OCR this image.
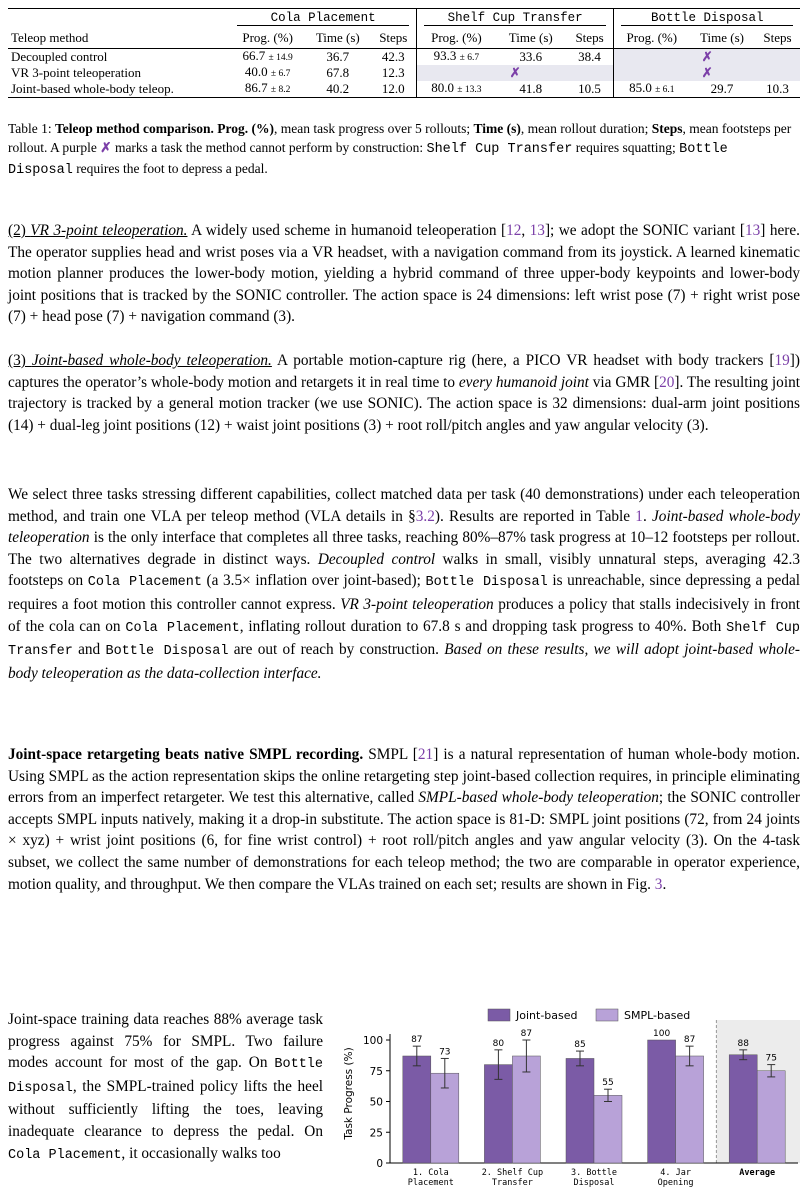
	Cola Placement			Shelf Cup Transfer			Bottle Disposal		

Teleop method	Prog. (%)	Time (s)	Steps	Prog. (%)	Time (s)	Steps	Prog. (%)	Time (s)	Steps
Decoupled control	66.7 ± 14.9	36.7	42.3	93.3 ± 6.7	33.6	38.4	✗		
VR 3-point teleoperation	40.0 ± 6.7	67.8	12.3	✗			✗		
Joint-based whole-body teleop.	86.7 ± 8.2	40.2	12.0	80.0 ± 13.3	41.8	10.5	85.0 ± 6.1	29.7	10.3
Table 1: Teleop method comparison. Prog. (%), mean task progress over 5 rollouts; Time (s), mean rollout duration; Steps, mean footsteps per rollout. A purple ✗ marks a task the method cannot perform by construction: Shelf Cup Transfer requires squatting; Bottle Disposal requires the foot to depress a pedal.
(2) VR 3-point teleoperation. A widely used scheme in humanoid teleoperation [12, 13]; we adopt the SONIC variant [13] here. The operator supplies head and wrist poses via a VR headset, with a navigation command from its joystick. A learned kinematic motion planner produces the lower-body motion, yielding a hybrid command of three upper-body keypoints and lower-body joint positions that is tracked by the SONIC controller. The action space is 24 dimensions: left wrist pose (7) + right wrist pose (7) + head pose (7) + navigation command (3).
(3) Joint-based whole-body teleoperation. A portable motion-capture rig (here, a PICO VR headset with body trackers [19]) captures the operator’s whole-body motion and retargets it in real time to every humanoid joint via GMR [20]. The resulting joint trajectory is tracked by a general motion tracker (we use SONIC). The action space is 32 dimensions: dual-arm joint positions (14) + dual-leg joint positions (12) + waist joint positions (3) + root roll/pitch angles and yaw angular velocity (3).
We select three tasks stressing different capabilities, collect matched data per task (40 demonstrations) under each teleoperation method, and train one VLA per teleop method (VLA details in §3.2). Results are reported in Table 1. Joint-based whole-body teleoperation is the only interface that completes all three tasks, reaching 80%–87% task progress at 10–12 footsteps per rollout. The two alternatives degrade in distinct ways. Decoupled control walks in small, visibly unnatural steps, averaging 42.3 footsteps on Cola Placement (a 3.5× inflation over joint-based); Bottle Disposal is unreachable, since depressing a pedal requires a foot motion this controller cannot express. VR 3-point teleoperation produces a policy that stalls indecisively in front of the cola can on Cola Placement, inflating rollout duration to 67.8 s and dropping task progress to 40%. Both Shelf Cup Transfer and Bottle Disposal are out of reach by construction. Based on these results, we will adopt joint-based whole-body teleoperation as the data-collection interface.
Joint-space retargeting beats native SMPL recording. SMPL [21] is a natural representation of human whole-body motion. Using SMPL as the action representation skips the online retargeting step joint-based collection requires, in principle eliminating errors from an imperfect retargeter. We test this alternative, called SMPL-based whole-body teleoperation; the SONIC controller accepts SMPL inputs natively, making it a drop-in substitute. The action space is 81-D: SMPL joint positions (72, from 24 joints × xyz) + wrist joint positions (6, for fine wrist control) + root roll/pitch angles and yaw angular velocity (3). On the 4-task subset, we collect the same number of demonstrations for each teleop method; the two are comparable in operator experience, motion quality, and throughput. We then compare the VLAs trained on each set; results are shown in Fig. 3.
Joint-space training data reaches 88% average task progress against 75% for SMPL. Two failure modes account for most of the gap. On Bottle Disposal, the SMPL-trained policy lifts the heel without sufficiently lifting the toes, leaving inadequate clearance to depress the pedal. On Cola Placement, it occasionally walks too
0
25
50
75
100
Task Progress (%)
87
73
1. Cola
Placement
80
87
2. Shelf Cup
Transfer
85
55
3. Bottle
Disposal
100
87
4. Jar
Opening
88
75
Average
Joint-based	SMPL-based
